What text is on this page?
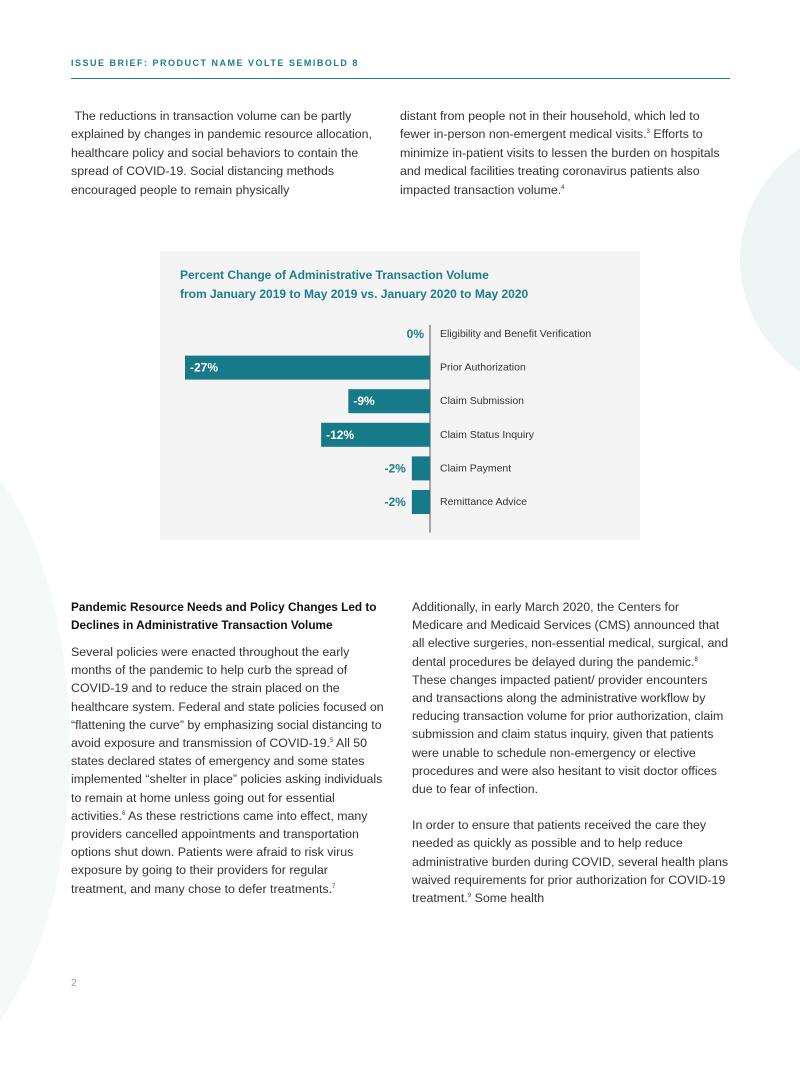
ISSUE BRIEF: PRODUCT NAME VOLTE SEMIBOLD 8

The reductions in transaction volume can be partly explained by changes in pandemic resource allocation, healthcare policy and social behaviors to contain the spread of COVID-19. Social distancing methods encouraged people to remain physically

distant from people not in their household, which led to fewer in-person non-emergent medical visits.$^3$ Efforts to minimize in-patient visits to lessen the burden on hospitals and medical facilities treating coronavirus patients also impacted transaction volume.$^4$

Percent Change of Administrative Transaction Volume
from January 2019 to May 2019 vs. January 2020 to May 2020
0% Eligibility and Benefit Verification
-27%	Prior Authorization
-9%	Claim Submission
-12%	Claim Status Inquiry
-2%	Claim Payment
-2%	Remittance Advice
Pandemic Resource Needs and Policy Changes Led to Declines in Administrative Transaction Volume

Several policies were enacted throughout the early months of the pandemic to help curb the spread of COVID-19 and to reduce the strain placed on the healthcare system. Federal and state policies focused on “flattening the curve” by emphasizing social distancing to avoid exposure and transmission of COVID-19.$^5$ All 50 states declared states of emergency and some states implemented “shelter in place” policies asking individuals to remain at home unless going out for essential activities.$^6$ As these restrictions came into effect, many providers cancelled appointments and transportation options shut down. Patients were afraid to risk virus exposure by going to their providers for regular treatment, and many chose to defer treatments.$^7$

Additionally, in early March 2020, the Centers for Medicare and Medicaid Services (CMS) announced that all elective surgeries, non-essential medical, surgical, and dental procedures be delayed during the pandemic.$^8$ These changes impacted patient/ provider encounters and transactions along the administrative workflow by reducing transaction volume for prior authorization, claim submission and claim status inquiry, given that patients were unable to schedule non-emergency or elective procedures and were also hesitant to visit doctor offices due to fear of infection.

In order to ensure that patients received the care they needed as quickly as possible and to help reduce administrative burden during COVID, several health plans waived requirements for prior authorization for COVID-19 treatment.$^9$ Some health

2
